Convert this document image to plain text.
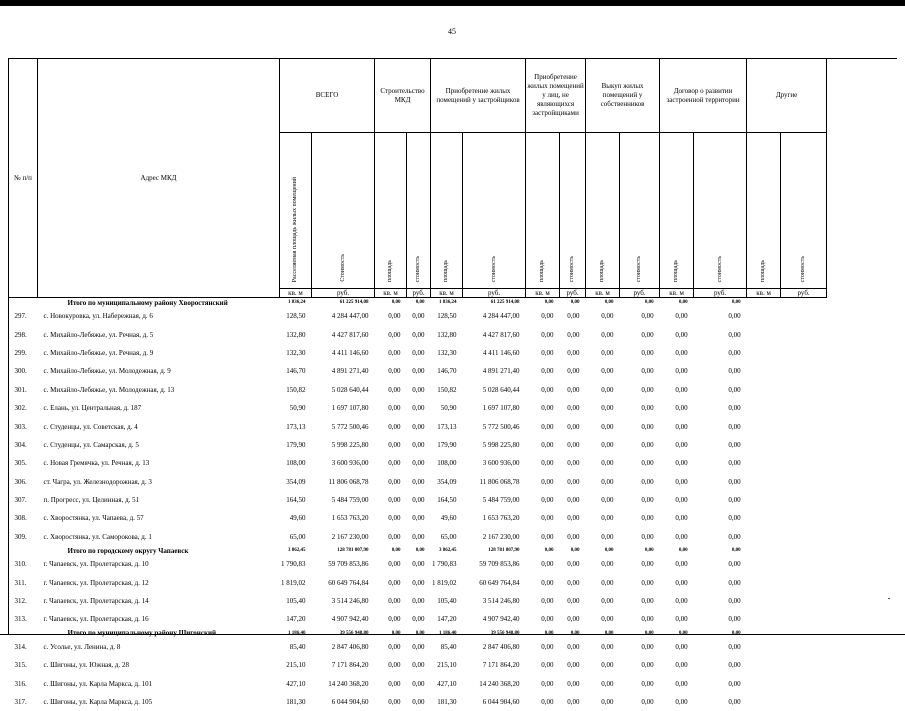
45
№ п/п	Адрес МКД	ВСЕГО		Строительство МКД		Приобретение жилых помещений у застройщиков		Приобретение жилых помещений у лиц, не являющихся застройщиками		Выкуп жилых помещений у собственников		Договор о развитии застроенной территории		Другие	
		Расселяемая площадь жилых помещений	Стоимость	площадь	стоимость	площадь	стоимость	площадь	стоимость	площадь	стоимость	площадь	стоимость	площадь	стоимость
		кв. м	руб.	кв. м	руб.	кв. м	руб.	кв. м	руб.	кв. м	руб.	кв. м	руб.	кв. м	руб.
	Итого по муниципальному району Хворостянский	1 836,24	61 225 914,08	0,00	0,00	1 836,24	61 225 914,08	0,00	0,00	0,00	0,00	0,00	0,00		
297.	с. Новокуровка, ул. Набережная, д. 6	128,50	4 284 447,00	0,00	0,00	128,50	4 284 447,00	0,00	0,00	0,00	0,00	0,00	0,00		
298.	с. Михайло-Лебяжье, ул. Речная, д. 5	132,80	4 427 817,60	0,00	0,00	132,80	4 427 817,60	0,00	0,00	0,00	0,00	0,00	0,00		
299.	с. Михайло-Лебяжье, ул. Речная, д. 9	132,30	4 411 146,60	0,00	0,00	132,30	4 411 146,60	0,00	0,00	0,00	0,00	0,00	0,00		
300.	с. Михайло-Лебяжье, ул. Молодежная, д. 9	146,70	4 891 271,40	0,00	0,00	146,70	4 891 271,40	0,00	0,00	0,00	0,00	0,00	0,00		
301.	с. Михайло-Лебяжье, ул. Молодежная, д. 13	150,82	5 028 640,44	0,00	0,00	150,82	5 028 640,44	0,00	0,00	0,00	0,00	0,00	0,00		
302.	с. Елань, ул. Центральная, д. 187	50,90	1 697 107,80	0,00	0,00	50,90	1 697 107,80	0,00	0,00	0,00	0,00	0,00	0,00		
303.	с. Студенцы, ул. Советская, д. 4	173,13	5 772 500,46	0,00	0,00	173,13	5 772 500,46	0,00	0,00	0,00	0,00	0,00	0,00		
304.	с. Студенцы, ул. Самарская, д. 5	179,90	5 998 225,80	0,00	0,00	179,90	5 998 225,80	0,00	0,00	0,00	0,00	0,00	0,00		
305.	с. Новая Гремячка, ул. Речная, д. 13	108,00	3 600 936,00	0,00	0,00	108,00	3 600 936,00	0,00	0,00	0,00	0,00	0,00	0,00		
306.	ст. Чагра, ул. Железнодорожная, д. 3	354,09	11 806 068,78	0,00	0,00	354,09	11 806 068,78	0,00	0,00	0,00	0,00	0,00	0,00		
307.	п. Прогресс, ул. Целинная, д. 51	164,50	5 484 759,00	0,00	0,00	164,50	5 484 759,00	0,00	0,00	0,00	0,00	0,00	0,00		
308.	с. Хворостянка, ул. Чапаева, д. 57	49,60	1 653 763,20	0,00	0,00	49,60	1 653 763,20	0,00	0,00	0,00	0,00	0,00	0,00		
309.	с. Хворостянка, ул. Саморокова, д. 1	65,00	2 167 230,00	0,00	0,00	65,00	2 167 230,00	0,00	0,00	0,00	0,00	0,00	0,00		
	Итого по городскому округу Чапаевск	3 862,45	128 781 807,90	0,00	0,00	3 862,45	128 781 807,90	0,00	0,00	0,00	0,00	0,00	0,00		
310.	г. Чапаевск, ул. Пролетарская, д. 10	1 790,83	59 709 853,86	0,00	0,00	1 790,83	59 709 853,86	0,00	0,00	0,00	0,00	0,00	0,00		
311.	г. Чапаевск, ул. Пролетарская, д. 12	1 819,02	60 649 764,84	0,00	0,00	1 819,02	60 649 764,84	0,00	0,00	0,00	0,00	0,00	0,00		
312.	г. Чапаевск, ул. Пролетарская, д. 14	105,40	3 514 246,80	0,00	0,00	105,40	3 514 246,80	0,00	0,00	0,00	0,00	0,00	0,00		
313.	г. Чапаевск, ул. Пролетарская, д. 16	147,20	4 907 942,40	0,00	0,00	147,20	4 907 942,40	0,00	0,00	0,00	0,00	0,00	0,00		

314.	с. Усолье, ул. Ленина, д. 8	85,40	2 847 406,80	0,00	0,00	85,40	2 847 406,80	0,00	0,00	0,00	0,00	0,00	0,00		
315.	с. Шигоны, ул. Южная, д. 28	215,10	7 171 864,20	0,00	0,00	215,10	7 171 864,20	0,00	0,00	0,00	0,00	0,00	0,00		
316.	с. Шигоны, ул. Карла Маркса, д. 101	427,10	14 240 368,20	0,00	0,00	427,10	14 240 368,20	0,00	0,00	0,00	0,00	0,00	0,00		
317.	с. Шигоны, ул. Карла Маркса, д. 105	181,30	6 044 904,60	0,00	0,00	181,30	6 044 904,60	0,00	0,00	0,00	0,00	0,00	0,00		
